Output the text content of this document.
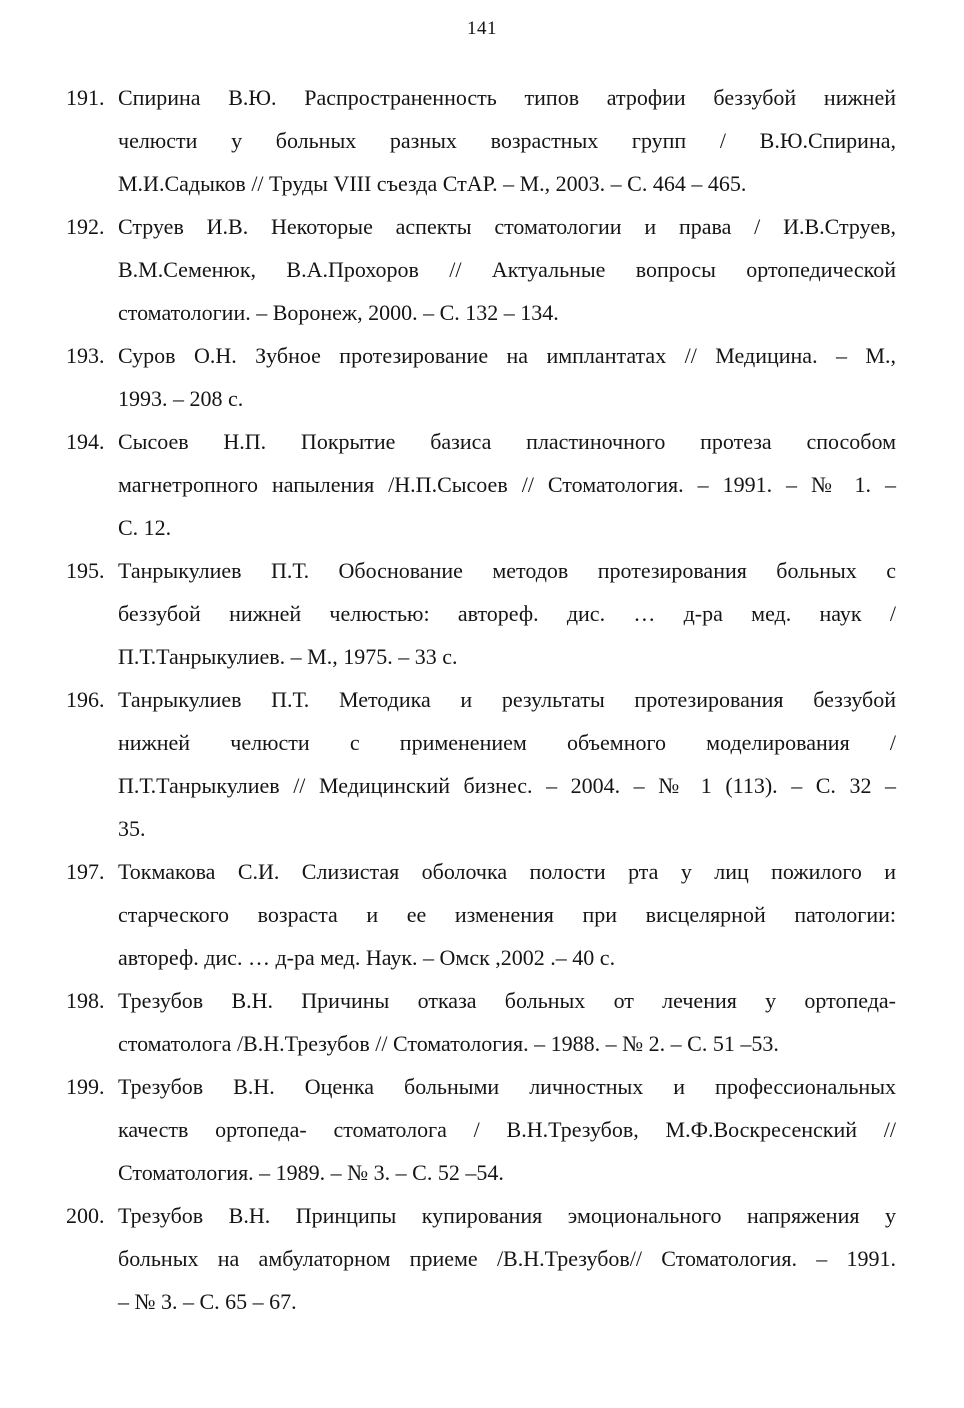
141
191. Спирина В.Ю. Распространенность типов атрофии беззубой нижней
челюсти у больных разных возрастных групп / В.Ю.Спирина,
М.И.Садыков // Труды VIII съезда СтАР. – М., 2003. – С. 464 – 465.
192. Струев И.В. Некоторые аспекты стоматологии и права / И.В.Струев,
В.М.Семенюк, В.А.Прохоров // Актуальные вопросы ортопедической
стоматологии. – Воронеж, 2000. – С. 132 – 134.
193. Суров О.Н. Зубное протезирование на имплантатах // Медицина. – М.,
1993. – 208 с.
194. Сысоев Н.П. Покрытие базиса пластиночного протеза способом
магнетропного напыления /Н.П.Сысоев // Стоматология. – 1991. – № 1. –
С. 12.
195. Танрыкулиев П.Т. Обоснование методов протезирования больных с
беззубой нижней челюстью: автореф. дис. … д-ра мед. наук /
П.Т.Танрыкулиев. – М., 1975. – 33 с.
196. Танрыкулиев П.Т. Методика и результаты протезирования беззубой
нижней челюсти с применением объемного моделирования /
П.Т.Танрыкулиев // Медицинский бизнес. – 2004. – № 1 (113). – С. 32 –
35.
197. Токмакова С.И. Слизистая оболочка полости рта у лиц пожилого и
старческого возраста и ее изменения при висцелярной патологии:
автореф. дис. … д-ра мед. Наук. – Омск ,2002 .– 40 с.
198. Трезубов В.Н. Причины отказа больных от лечения у ортопеда-
стоматолога /В.Н.Трезубов // Стоматология. – 1988. – № 2. – С. 51 –53.
199. Трезубов В.Н. Оценка больными личностных и профессиональных
качеств ортопеда- стоматолога / В.Н.Трезубов, М.Ф.Воскресенский //
Стоматология. – 1989. – № 3. – С. 52 –54.
200. Трезубов В.Н. Принципы купирования эмоционального напряжения у
больных на амбулаторном приеме /В.Н.Трезубов// Стоматология. – 1991.
– № 3. – С. 65 – 67.
